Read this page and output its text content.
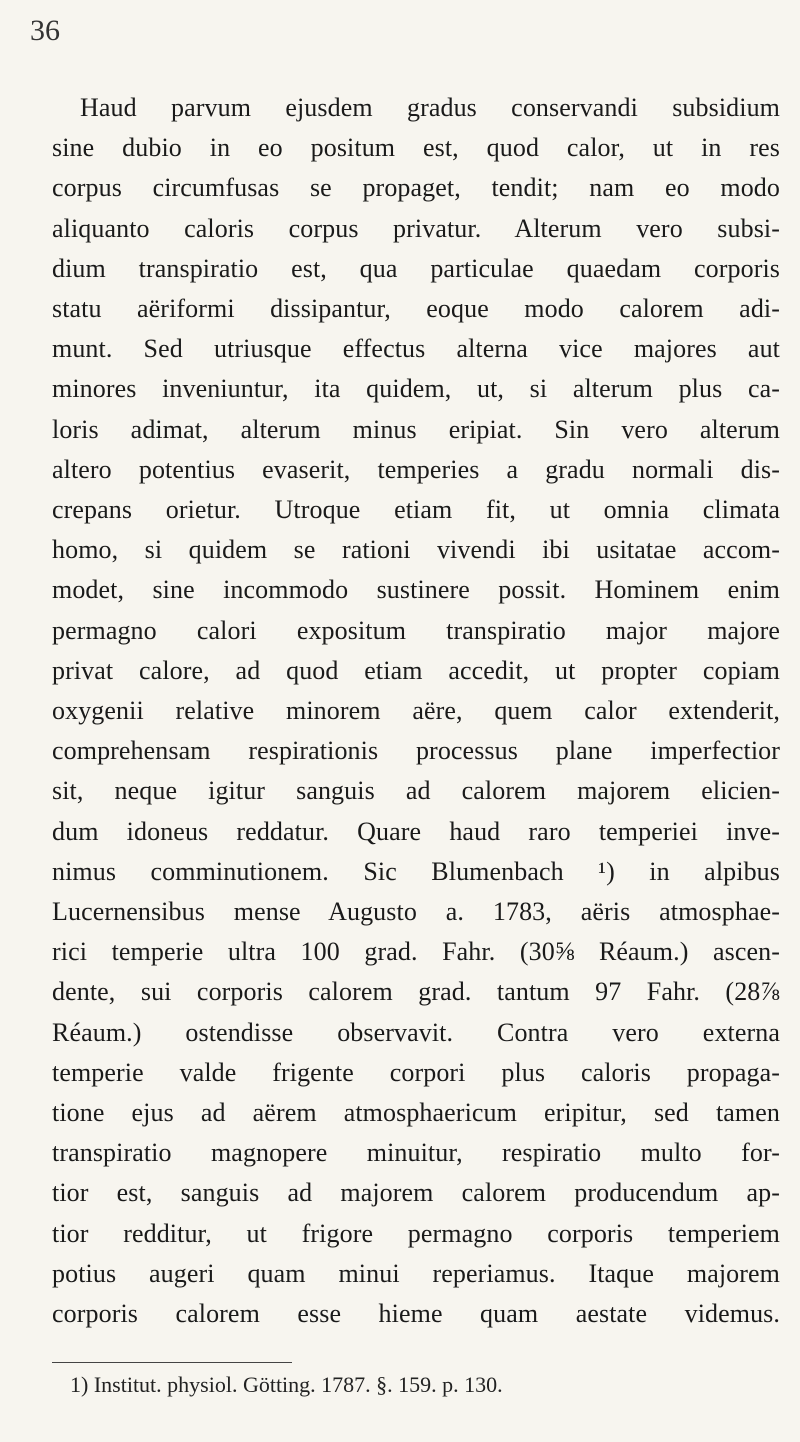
36
Haud parvum ejusdem gradus conservandi subsidium
sine dubio in eo positum est, quod calor, ut in res
corpus circumfusas se propaget, tendit; nam eo modo
aliquanto caloris corpus privatur. Alterum vero subsi-
dium transpiratio est, qua particulae quaedam corporis
statu aëriformi dissipantur, eoque modo calorem adi-
munt. Sed utriusque effectus alterna vice majores aut
minores inveniuntur, ita quidem, ut, si alterum plus ca-
loris adimat, alterum minus eripiat. Sin vero alterum
altero potentius evaserit, temperies a gradu normali dis-
crepans orietur. Utroque etiam fit, ut omnia climata
homo, si quidem se rationi vivendi ibi usitatae accom-
modet, sine incommodo sustinere possit. Hominem enim
permagno calori expositum transpiratio major majore
privat calore, ad quod etiam accedit, ut propter copiam
oxygenii relative minorem aëre, quem calor extenderit,
comprehensam respirationis processus plane imperfectior
sit, neque igitur sanguis ad calorem majorem elicien-
dum idoneus reddatur. Quare haud raro temperiei inve-
nimus comminutionem. Sic Blumenbach ¹) in alpibus
Lucernensibus mense Augusto a. 1783, aëris atmosphae-
rici temperie ultra 100 grad. Fahr. (30⅝ Réaum.) ascen-
dente, sui corporis calorem grad. tantum 97 Fahr. (28⅞
Réaum.) ostendisse observavit. Contra vero externa
temperie valde frigente corpori plus caloris propaga-
tione ejus ad aërem atmosphaericum eripitur, sed tamen
transpiratio magnopere minuitur, respiratio multo for-
tior est, sanguis ad majorem calorem producendum ap-
tior redditur, ut frigore permagno corporis temperiem
potius augeri quam minui reperiamus. Itaque majorem
corporis calorem esse hieme quam aestate videmus.
1) Institut. physiol. Götting. 1787. §. 159. p. 130.
